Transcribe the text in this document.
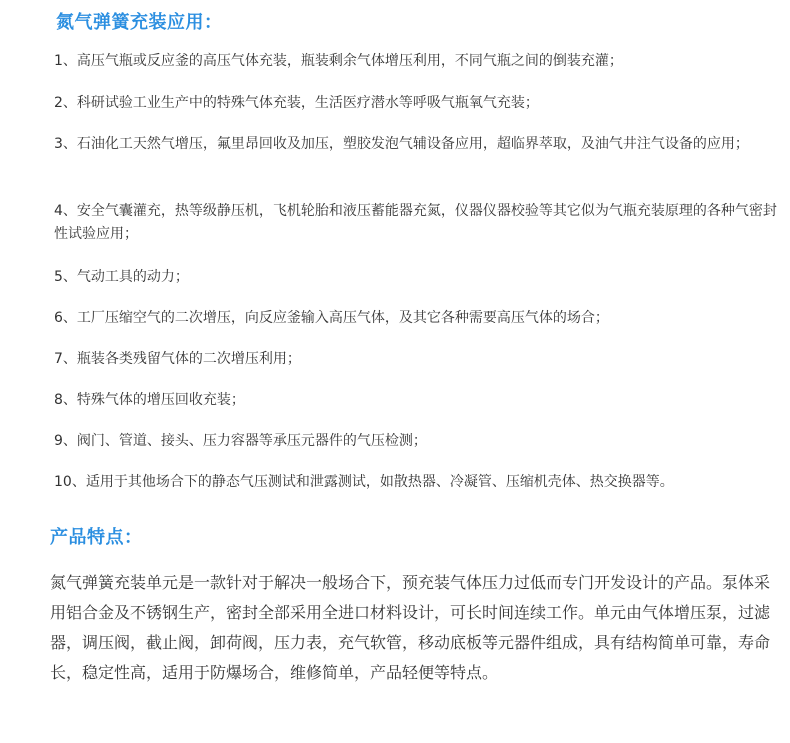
氮气弹簧充装应用：
1、高压气瓶或反应釜的高压气体充装，瓶装剩余气体增压利用，不同气瓶之间的倒装充灌；
2、科研试验工业生产中的特殊气体充装，生活医疗潜水等呼吸气瓶氧气充装；
3、石油化工天然气增压，氟里昂回收及加压，塑胶发泡气辅设备应用，超临界萃取，及油气井注气设备的应用；
4、安全气囊灌充，热等级静压机，飞机轮胎和液压蓄能器充氮，仪器仪器校验等其它似为气瓶充装原理的各种气密封性试验应用；
5、气动工具的动力；
6、工厂压缩空气的二次增压，向反应釜输入高压气体，及其它各种需要高压气体的场合；
7、瓶装各类残留气体的二次增压利用；
8、特殊气体的增压回收充装；
9、阀门、管道、接头、压力容器等承压元器件的气压检测；
10、适用于其他场合下的静态气压测试和泄露测试，如散热器、冷凝管、压缩机壳体、热交换器等。
产品特点：
氮气弹簧充装单元是一款针对于解决一般场合下，预充装气体压力过低而专门开发设计的产品。泵体采用铝合金及不锈钢生产，密封全部采用全进口材料设计，可长时间连续工作。单元由气体增压泵，过滤器，调压阀，截止阀，卸荷阀，压力表，充气软管，移动底板等元器件组成，具有结构简单可靠，寿命长，稳定性高，适用于防爆场合，维修简单，产品轻便等特点。
